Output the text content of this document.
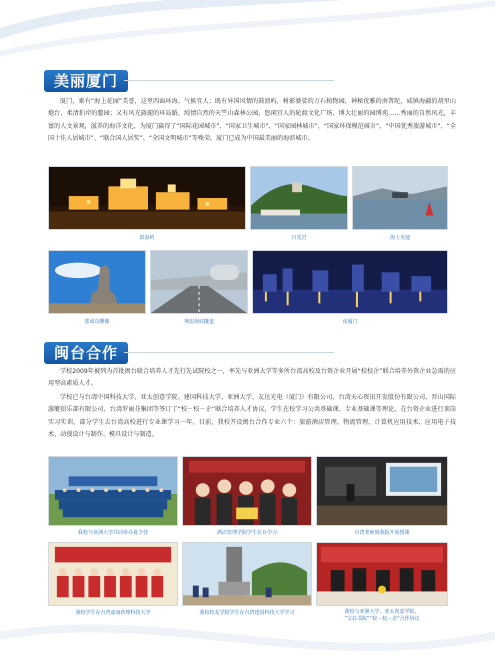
美丽厦门

厦门，素有“海上花园”美誉，这里四面环海、气候宜人；既有异国风情的鼓浪屿，树影婆娑的万石植物园，神秘优雅的南普陀，威镇海疆的胡里山炮台，柔清拍岸的鳌园；又有风光旖旎的环岛路，纯情自然的天竺山森林公园，悠闲宜人的轮渡文化广场，博大壮丽的园博苑……秀丽的自然风光，丰富的人文景观，滋养的海洋文化，为厦门赢得了“国际花园城市”、“国家卫生城市”、“国家园林城市”、“国家环保模范城市”、“中国优秀旅游城市”、“全国十佳人居城市”、“联合国人居奖”、“全国文明城市”等殊荣，厦门已成为中国最美丽的海滨城市。

鼓浪屿	日光岩	海上交通
郑成功雕像	翔安海底隧道	夜厦门
闽台合作

学校2009年被列为首批闽台联合培养人才先行先试院校之一，率先与亚洲大学等多所台湾高校及台资企业开展“校校企”联合培养外资企业急需的应用型高素质人才。

学校已与台湾中国科技大学、亚太创意学院、建国科技大学、亚洲大学、友达光电（厦门）有限公司、台湾天心资讯开发股份有限公司、晋山国际游艇俱乐部有限公司、台湾罗丽芬集团等签订了“校－校－企”联合培养人才协议，学生在校学习公共基础课、专业基础课等理论，在台资企业进行顶岗实习实训，部分学生去台湾高校进行专业课学习一年。目前，我校开设闽台合作专业六个：旅游酒店管理、物流管理、计算机应用技术、应用电子技术、动漫设计与制作、模具设计与制造。

我校与亚洲大学共同举办夏令营	酒店管理学院学生在台学习	台湾老师到我院开展授课
我校学生在台湾嘉南药理科技大学	我校校友学院学生在台湾建国科技大学学习	我校与亚洲大学、亚太创意学院、
“宝岛书院”“校－校－企”合作协议
